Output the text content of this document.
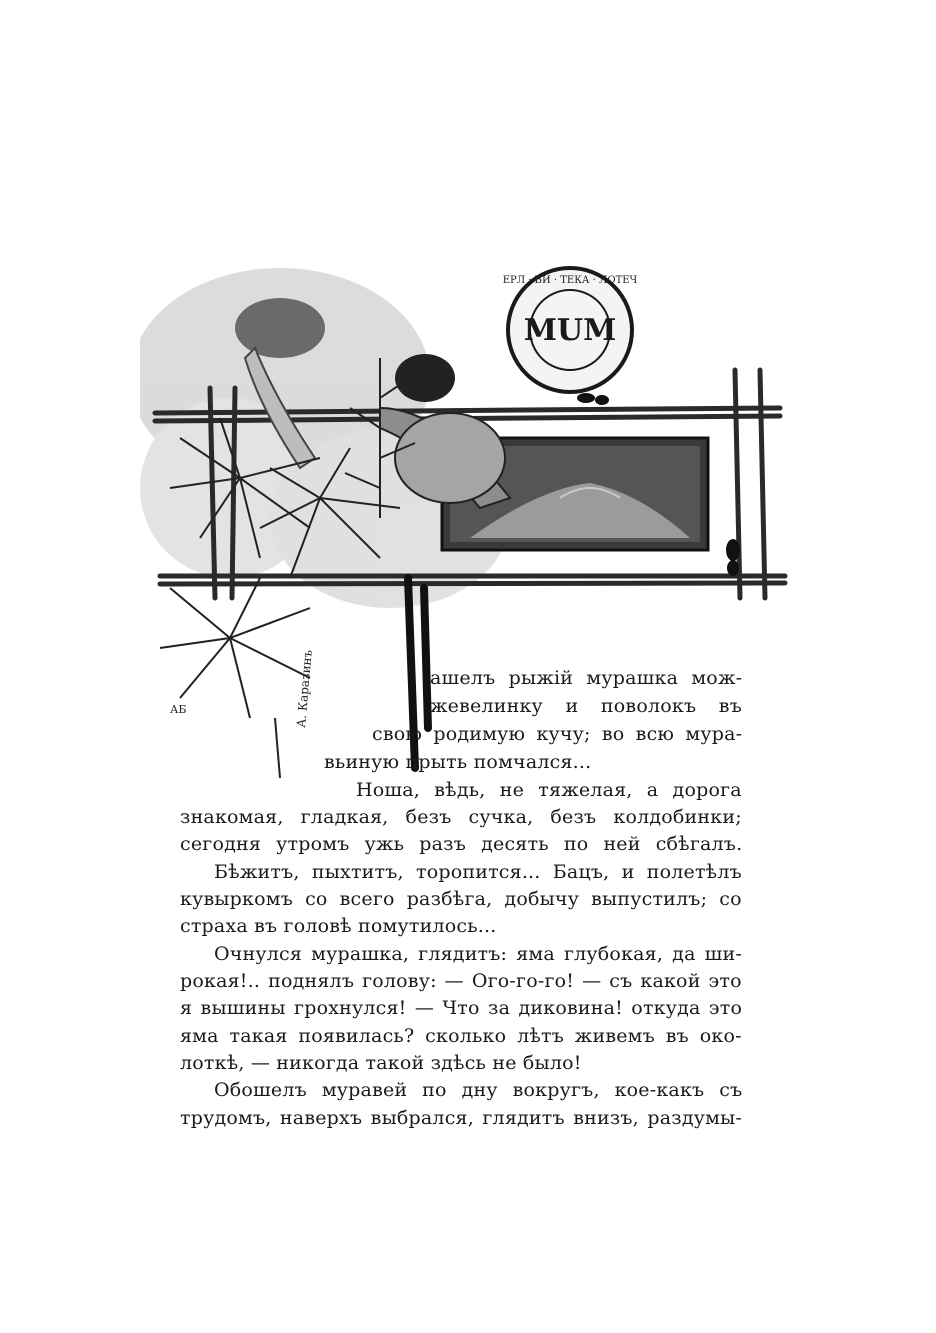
MUM
ЕРЛ · ВИ · ТЕКА · ЛОТЕЧ
А. Каразинъ
АБ
ашелъ рыжій мурашка мож-
жевелинку и поволокъ въ
свою родимую кучу; во всю мура-
вьиную прыть помчался...
Ноша, вѣдь, не тяжелая, а дорога
знакомая, гладкая, безъ сучка, безъ колдобинки;
сегодня утромъ ужь разъ десять по ней сбѣгалъ.
Бѣжитъ, пыхтитъ, торопится... Бацъ, и полетѣлъ
кувыркомъ со всего разбѣга, добычу выпустилъ; со
страха въ головѣ помутилось...
Очнулся мурашка, глядитъ: яма глубокая, да ши-
рокая!.. поднялъ голову: — Ого-го-го! — съ какой это
я вышины грохнулся! — Что за диковина! откуда это
яма такая появилась? сколько лѣтъ живемъ въ око-
лоткѣ, — никогда такой здѣсь не было!
Обошелъ муравей по дну вокругъ, кое-какъ съ
трудомъ, наверхъ выбрался, глядитъ внизъ, раздумы-
